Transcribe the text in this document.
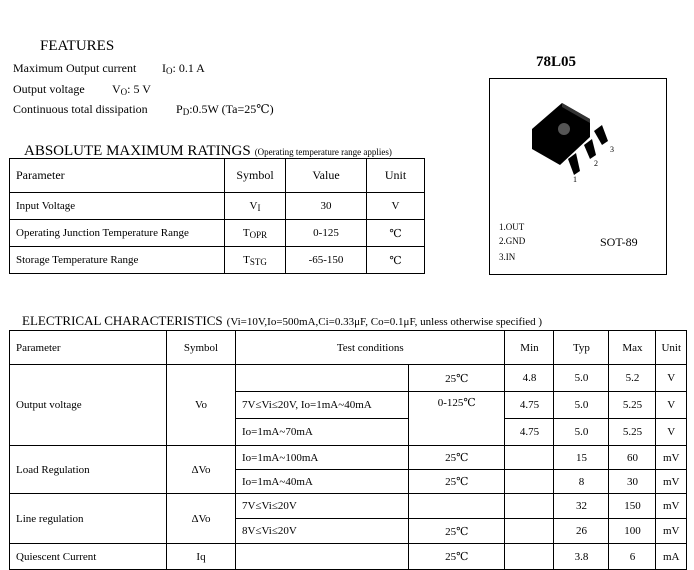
FEATURES
Maximum Output current $I_O$: 0.1 A
Output voltage $V_O$: 5 V
Continuous total dissipation $P_D:0.5W$ (Ta=25℃)
78L05
1
2
3
1.OUT
2.GND
3.IN
SOT-89
ABSOLUTE MAXIMUM RATINGS (Operating temperature range applies)
Parameter	Symbol	Value	Unit
Input Voltage	$V_I$	30	V
Operating Junction Temperature Range	$T_{OPR}$	0-125	℃
Storage Temperature Range	$T_{STG}$	-65-150	℃
ELECTRICAL CHARACTERISTICS (Vi=10V,Io=500mA,Ci=0.33μF, Co=0.1μF, unless otherwise specified )
Parameter	Symbol	Test conditions		Min	Typ	Max	Unit
Output voltage	Vo		25℃	4.8	5.0	5.2	V
		7V≤Vi≤20V, Io=1mA~40mA	0-125℃	4.75	5.0	5.25	V
		Io=1mA~70mA		4.75	5.0	5.25	V
Load Regulation	ΔVo	Io=1mA~100mA	25℃		15	60	mV
		Io=1mA~40mA	25℃		8	30	mV
Line regulation	ΔVo	7V≤Vi≤20V			32	150	mV
		8V≤Vi≤20V	25℃		26	100	mV
Quiescent Current	Iq		25℃		3.8	6	mA
